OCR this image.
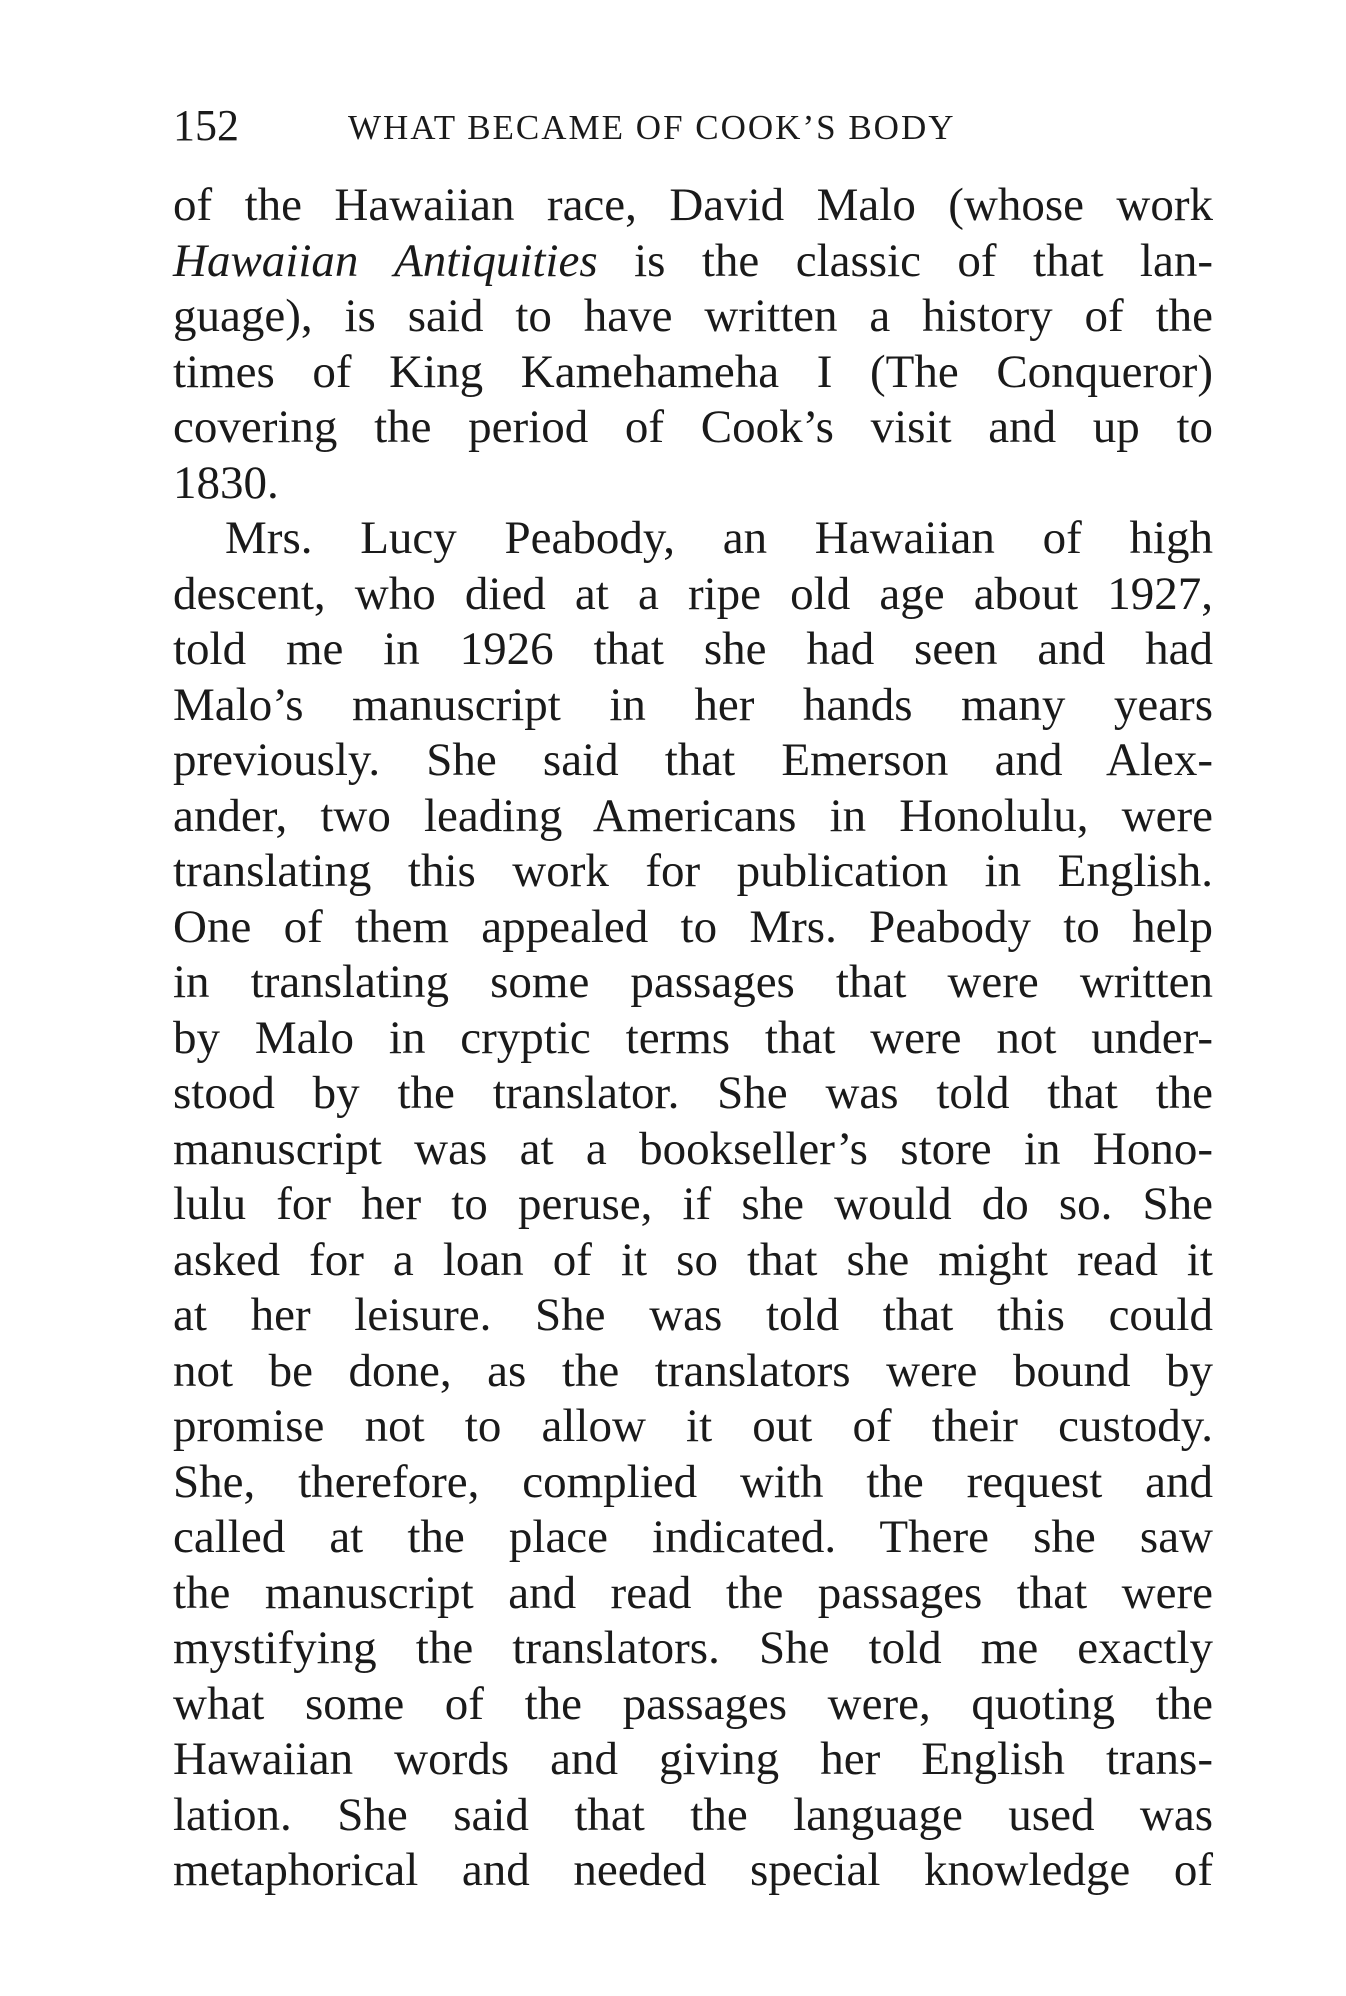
152	WHAT BECAME OF COOK’S BODY
of the Hawaiian race, David Malo (whose work
Hawaiian Antiquities is the classic of that lan-
guage), is said to have written a history of the
times of King Kamehameha I (The Conqueror)
covering the period of Cook’s visit and up to
1830.
Mrs. Lucy Peabody, an Hawaiian of high
descent, who died at a ripe old age about 1927,
told me in 1926 that she had seen and had
Malo’s manuscript in her hands many years
previously. She said that Emerson and Alex-
ander, two leading Americans in Honolulu, were
translating this work for publication in English.
One of them appealed to Mrs. Peabody to help
in translating some passages that were written
by Malo in cryptic terms that were not under-
stood by the translator. She was told that the
manuscript was at a bookseller’s store in Hono-
lulu for her to peruse, if she would do so. She
asked for a loan of it so that she might read it
at her leisure. She was told that this could
not be done, as the translators were bound by
promise not to allow it out of their custody.
She, therefore, complied with the request and
called at the place indicated. There she saw
the manuscript and read the passages that were
mystifying the translators. She told me exactly
what some of the passages were, quoting the
Hawaiian words and giving her English trans-
lation. She said that the language used was
metaphorical and needed special knowledge of
